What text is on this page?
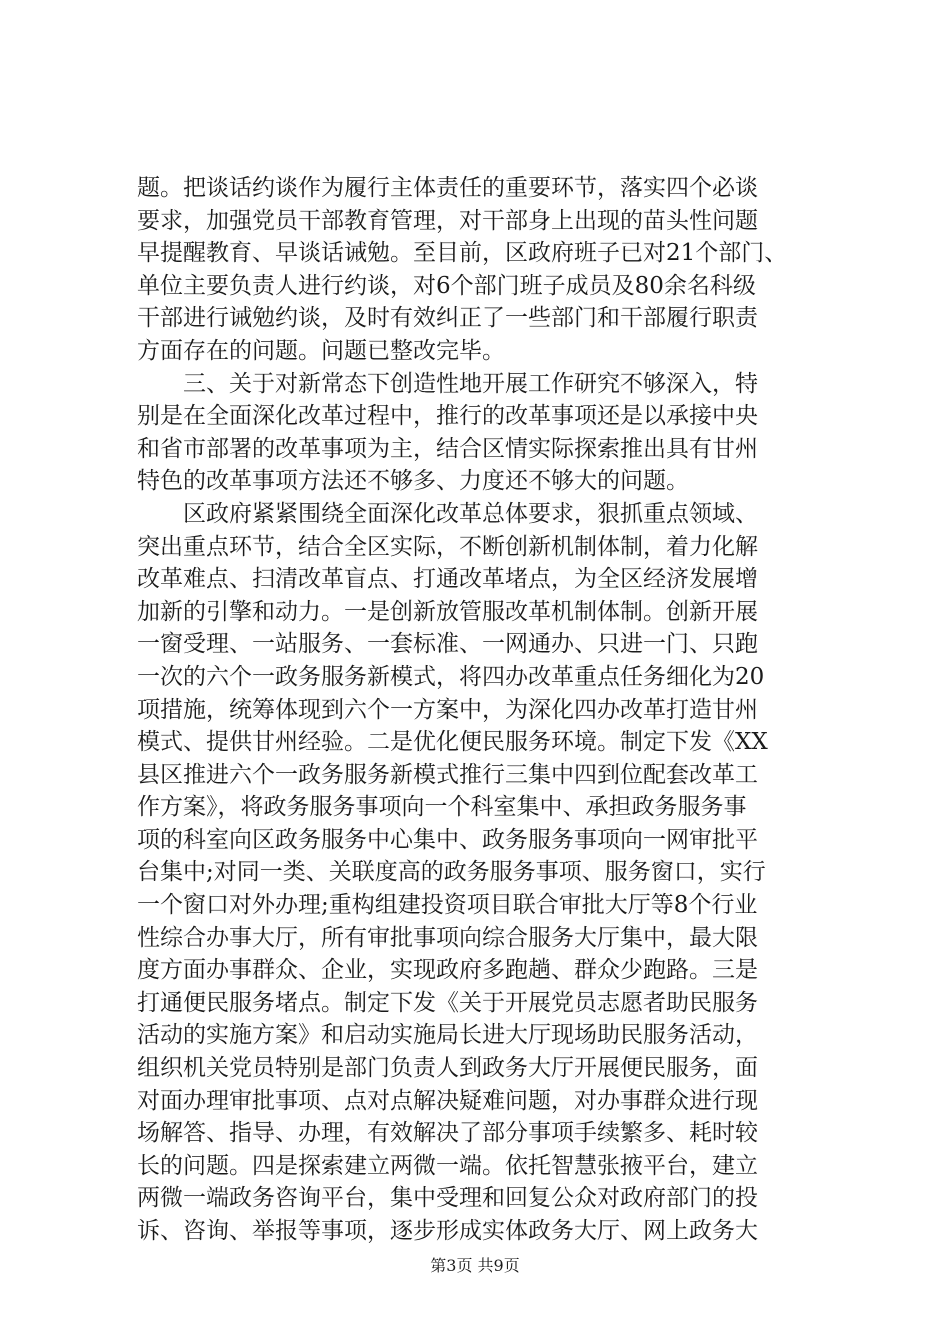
题。把谈话约谈作为履行主体责任的重要环节，落实四个必谈
要求，加强党员干部教育管理，对干部身上出现的苗头性问题
早提醒教育、早谈话诫勉。至目前，区政府班子已对21个部门、
单位主要负责人进行约谈，对6个部门班子成员及80余名科级
干部进行诫勉约谈，及时有效纠正了一些部门和干部履行职责
方面存在的问题。问题已整改完毕。
　　三、关于对新常态下创造性地开展工作研究不够深入，特
别是在全面深化改革过程中，推行的改革事项还是以承接中央
和省市部署的改革事项为主，结合区情实际探索推出具有甘州
特色的改革事项方法还不够多、力度还不够大的问题。
　　区政府紧紧围绕全面深化改革总体要求，狠抓重点领域、
突出重点环节，结合全区实际，不断创新机制体制，着力化解
改革难点、扫清改革盲点、打通改革堵点，为全区经济发展增
加新的引擎和动力。一是创新放管服改革机制体制。创新开展
一窗受理、一站服务、一套标准、一网通办、只进一门、只跑
一次的六个一政务服务新模式，将四办改革重点任务细化为20
项措施，统筹体现到六个一方案中，为深化四办改革打造甘州
模式、提供甘州经验。二是优化便民服务环境。制定下发《XX
县区推进六个一政务服务新模式推行三集中四到位配套改革工
作方案》，将政务服务事项向一个科室集中、承担政务服务事
项的科室向区政务服务中心集中、政务服务事项向一网审批平
台集中;对同一类、关联度高的政务服务事项、服务窗口，实行
一个窗口对外办理;重构组建投资项目联合审批大厅等8个行业
性综合办事大厅，所有审批事项向综合服务大厅集中，最大限
度方面办事群众、企业，实现政府多跑趟、群众少跑路。三是
打通便民服务堵点。制定下发《关于开展党员志愿者助民服务
活动的实施方案》和启动实施局长进大厅现场助民服务活动，
组织机关党员特别是部门负责人到政务大厅开展便民服务，面
对面办理审批事项、点对点解决疑难问题，对办事群众进行现
场解答、指导、办理，有效解决了部分事项手续繁多、耗时较
长的问题。四是探索建立两微一端。依托智慧张掖平台，建立
两微一端政务咨询平台，集中受理和回复公众对政府部门的投
诉、咨询、举报等事项，逐步形成实体政务大厅、网上政务大
第3页 共9页
